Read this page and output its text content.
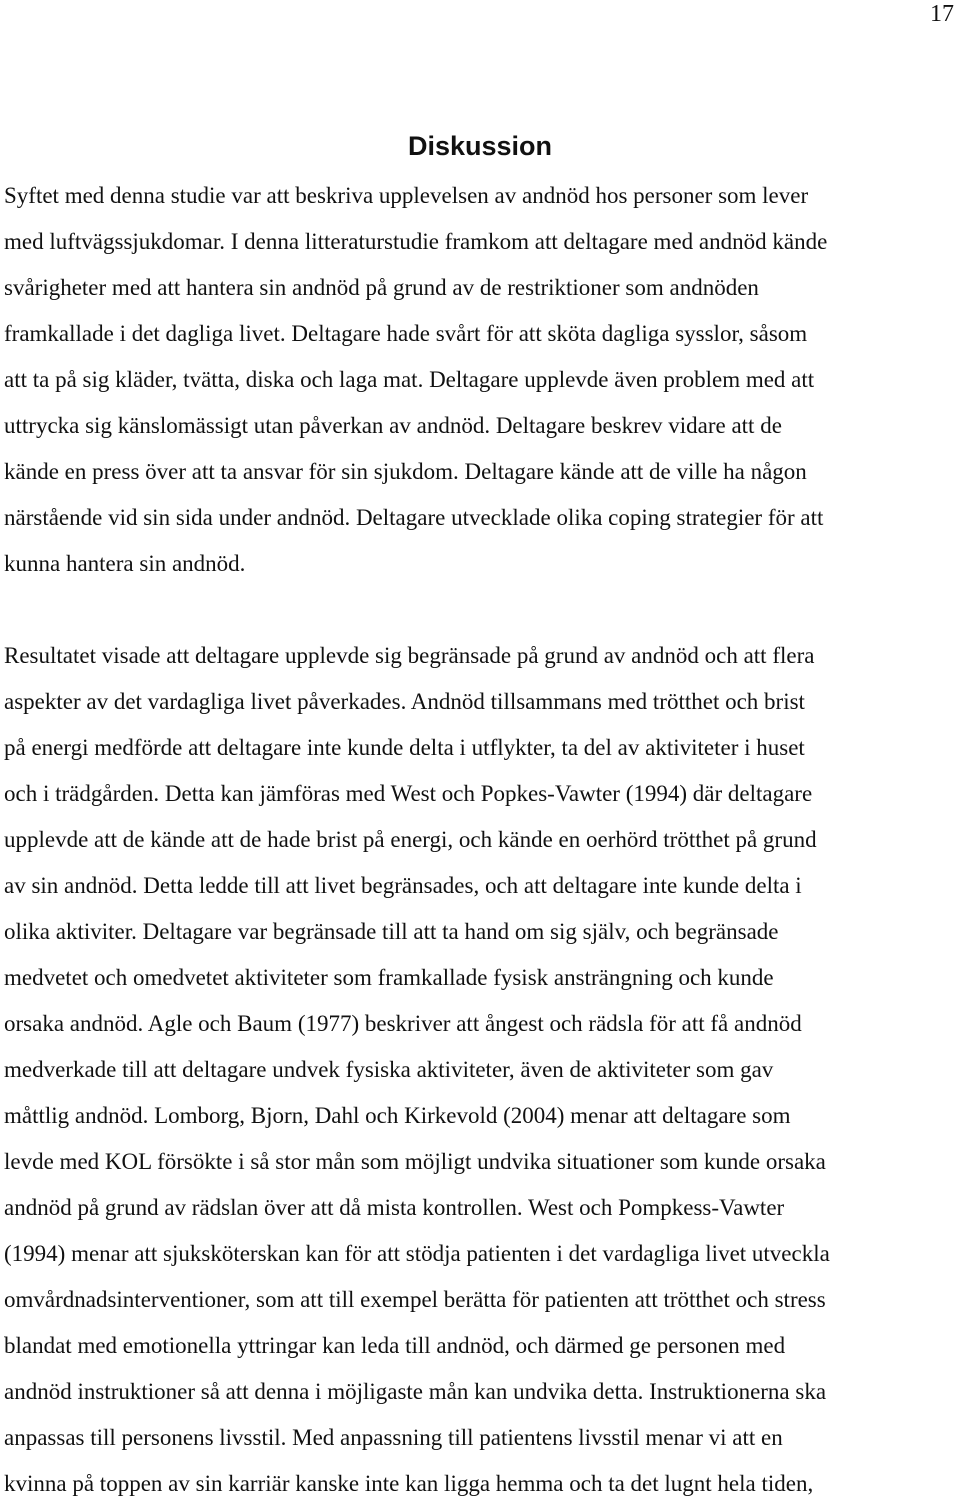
17

Diskussion

Syftet med denna studie var att beskriva upplevelsen av andnöd hos personer som lever
med luftvägssjukdomar. I denna litteraturstudie framkom att deltagare med andnöd kände
svårigheter med att hantera sin andnöd på grund av de restriktioner som andnöden
framkallade i det dagliga livet. Deltagare hade svårt för att sköta dagliga sysslor, såsom
att ta på sig kläder, tvätta, diska och laga mat. Deltagare upplevde även problem med att
uttrycka sig känslomässigt utan påverkan av andnöd. Deltagare beskrev vidare att de
kände en press över att ta ansvar för sin sjukdom. Deltagare kände att de ville ha någon
närstående vid sin sida under andnöd. Deltagare utvecklade olika coping strategier för att
kunna hantera sin andnöd.

Resultatet visade att deltagare upplevde sig begränsade på grund av andnöd och att flera
aspekter av det vardagliga livet påverkades. Andnöd tillsammans med trötthet och brist
på energi medförde att deltagare inte kunde delta i utflykter, ta del av aktiviteter i huset
och i trädgården. Detta kan jämföras med West och Popkes-Vawter (1994) där deltagare
upplevde att de kände att de hade brist på energi, och kände en oerhörd trötthet på grund
av sin andnöd. Detta ledde till att livet begränsades, och att deltagare inte kunde delta i
olika aktiviter. Deltagare var begränsade till att ta hand om sig själv, och begränsade
medvetet och omedvetet aktiviteter som framkallade fysisk ansträngning och kunde
orsaka andnöd. Agle och Baum (1977) beskriver att ångest och rädsla för att få andnöd
medverkade till att deltagare undvek fysiska aktiviteter, även de aktiviteter som gav
måttlig andnöd. Lomborg, Bjorn, Dahl och Kirkevold (2004) menar att deltagare som
levde med KOL försökte i så stor mån som möjligt undvika situationer som kunde orsaka
andnöd på grund av rädslan över att då mista kontrollen. West och Pompkess-Vawter
(1994) menar att sjuksköterskan kan för att stödja patienten i det vardagliga livet utveckla
omvårdnadsinterventioner, som att till exempel berätta för patienten att trötthet och stress
blandat med emotionella yttringar kan leda till andnöd, och därmed ge personen med
andnöd instruktioner så att denna i möjligaste mån kan undvika detta. Instruktionerna ska
anpassas till personens livsstil. Med anpassning till patientens livsstil menar vi att en
kvinna på toppen av sin karriär kanske inte kan ligga hemma och ta det lugnt hela tiden,
